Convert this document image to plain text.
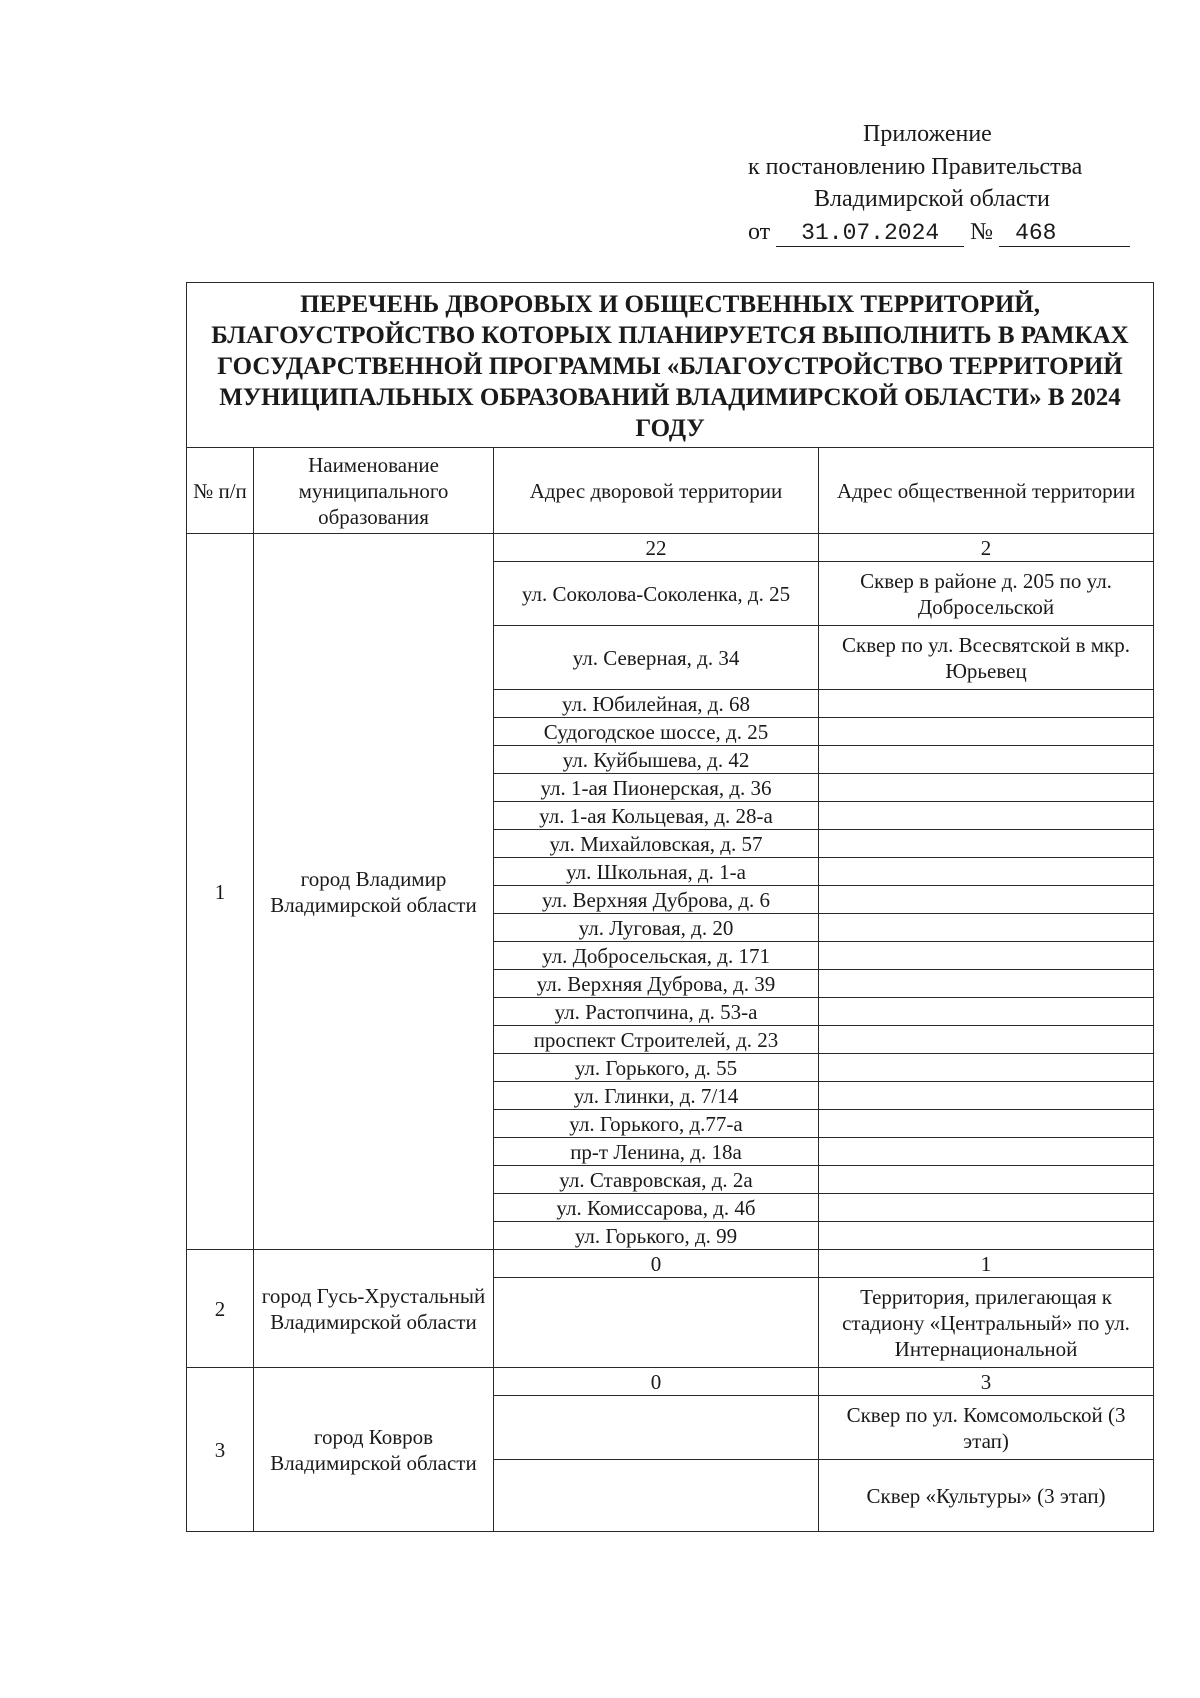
Приложение
к постановлению Правительства
Владимирской области
от 31.07.2024 № 468
ПЕРЕЧЕНЬ ДВОРОВЫХ И ОБЩЕСТВЕННЫХ ТЕРРИТОРИЙ, БЛАГОУСТРОЙСТВО КОТОРЫХ ПЛАНИРУЕТСЯ ВЫПОЛНИТЬ В РАМКАХ ГОСУДАРСТВЕННОЙ ПРОГРАММЫ «БЛАГОУСТРОЙСТВО ТЕРРИТОРИЙ МУНИЦИПАЛЬНЫХ ОБРАЗОВАНИЙ ВЛАДИМИРСКОЙ ОБЛАСТИ» В 2024 ГОДУ			
№ п/п	Наименование муниципального образования	Адрес дворовой территории	Адрес общественной территории
1	город Владимир Владимирской области	22	2
		ул. Соколова-Соколенка, д. 25	Сквер в районе д. 205 по ул. Добросельской
		ул. Северная, д. 34	Сквер по ул. Всесвятской в мкр. Юрьевец
		ул. Юбилейная, д. 68	
		Судогодское шоссе, д. 25	
		ул. Куйбышева, д. 42	
		ул. 1-ая Пионерская, д. 36	
		ул. 1-ая Кольцевая, д. 28-а	
		ул. Михайловская, д. 57	
		ул. Школьная, д. 1-а	
		ул. Верхняя Дуброва, д. 6	
		ул. Луговая, д. 20	
		ул. Добросельская, д. 171	
		ул. Верхняя Дуброва, д. 39	
		ул. Растопчина, д. 53-а	
		проспект Строителей, д. 23	
		ул. Горького, д. 55	
		ул. Глинки, д. 7/14	
		ул. Горького, д.77-а	
		пр-т Ленина, д. 18а	
		ул. Ставровская, д. 2а	
		ул. Комиссарова, д. 4б	
		ул. Горького, д. 99	
2	город Гусь-Хрустальный Владимирской области	0	1
			Территория, прилегающая к стадиону «Центральный» по ул. Интернациональной
3	город Ковров Владимирской области	0	3
			Сквер по ул. Комсомольской (3 этап)
			Сквер «Культуры» (3 этап)
